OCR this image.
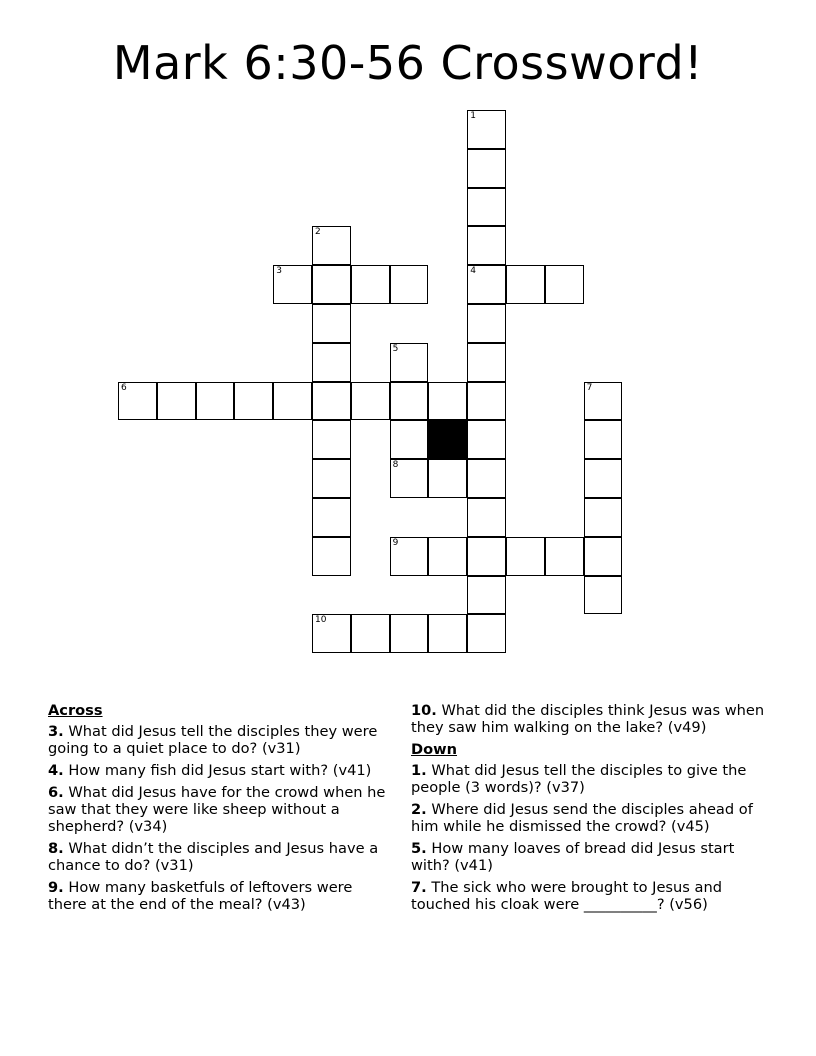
Mark 6:30-56 Crossword!
1
2
3	4
5
6	7
8
9
10
Across
3. What did Jesus tell the disciples they were going to a quiet place to do? (v31)
4. How many fish did Jesus start with? (v41)
6. What did Jesus have for the crowd when he saw that they were like sheep without a shepherd? (v34)
8. What didn’t the disciples and Jesus have a chance to do? (v31)
9. How many basketfuls of leftovers were there at the end of the meal? (v43)
10. What did the disciples think Jesus was when they saw him walking on the lake? (v49)
Down
1. What did Jesus tell the disciples to give the people (3 words)? (v37)
2. Where did Jesus send the disciples ahead of him while he dismissed the crowd? (v45)
5. How many loaves of bread did Jesus start with? (v41)
7. The sick who were brought to Jesus and touched his cloak were __________? (v56)
